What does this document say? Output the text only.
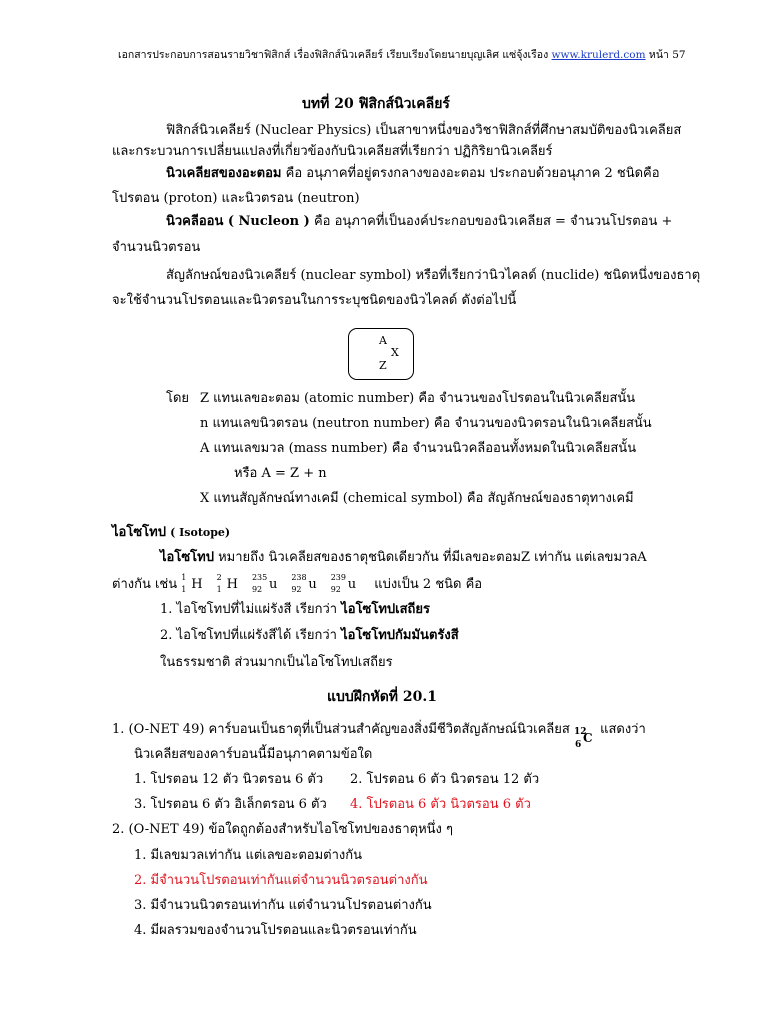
เอกสารประกอบการสอนรายวิชาฟิสิกส์ เรื่องฟิสิกส์นิวเคลียร์ เรียบเรียงโดยนายบุญเลิศ แซ่จุ้งเรือง www.krulerd.com หน้า 57
บทที่ 20 ฟิสิกส์นิวเคลียร์
ฟิสิกส์นิวเคลียร์ (Nuclear Physics) เป็นสาขาหนึ่งของวิชาฟิสิกส์ที่ศึกษาสมบัติของนิวเคลียส
และกระบวนการเปลี่ยนแปลงที่เกี่ยวข้องกับนิวเคลียสที่เรียกว่า ปฏิกิริยานิวเคลียร์
นิวเคลียสของอะตอม คือ อนุภาคที่อยู่ตรงกลางของอะตอม ประกอบด้วยอนุภาค 2 ชนิดคือ
โปรตอน (proton) และนิวตรอน (neutron)
นิวคลีออน ( Nucleon ) คือ อนุภาคที่เป็นองค์ประกอบของนิวเคลียส = จำนวนโปรตอน +
จำนวนนิวตรอน
สัญลักษณ์ของนิวเคลียร์ (nuclear symbol) หรือที่เรียกว่านิวไคลด์ (nuclide) ชนิดหนึ่งของธาตุ
จะใช้จำนวนโปรตอนและนิวตรอนในการระบุชนิดของนิวไคลด์ ดังต่อไปนี้
A
X
Z
โดย Z แทนเลขอะตอม (atomic number) คือ จำนวนของโปรตอนในนิวเคลียสนั้น
n แทนเลขนิวตรอน (neutron number) คือ จำนวนของนิวตรอนในนิวเคลียสนั้น
A แทนเลขมวล (mass number) คือ จำนวนนิวคลีออนทั้งหมดในนิวเคลียสนั้น
หรือ A = Z + n
X แทนสัญลักษณ์ทางเคมี (chemical symbol) คือ สัญลักษณ์ของธาตุทางเคมี
ไอโซโทป ( Isotope)
ไอโซโทป หมายถึง นิวเคลียสของธาตุชนิดเดียวกัน ที่มีเลขอะตอมZ เท่ากัน แต่เลขมวลA
ต่างกัน เช่น 1
1 H 2
1 H 235
92 u 238
92 u 239
92 u แบ่งเป็น 2 ชนิด คือ
1. ไอโซโทปที่ไม่แผ่รังสี เรียกว่า ไอโซโทปเสถียร
2. ไอโซโทปที่แผ่รังสีได้ เรียกว่า ไอโซโทปกัมมันตรังสี
ในธรรมชาติ ส่วนมากเป็นไอโซโทปเสถียร
แบบฝึกหัดที่ 20.1
1. (O-NET 49) คาร์บอนเป็นธาตุที่เป็นส่วนสำคัญของสิ่งมีชีวิตสัญลักษณ์นิวเคลียส 12
6 C
แสดงว่า
นิวเคลียสของคาร์บอนนี้มีอนุภาคตามข้อใด
1. โปรตอน 12 ตัว นิวตรอน 6 ตัว 2. โปรตอน 6 ตัว นิวตรอน 12 ตัว
3. โปรตอน 6 ตัว อิเล็กตรอน 6 ตัว 4. โปรตอน 6 ตัว นิวตรอน 6 ตัว
2. (O-NET 49) ข้อใดถูกต้องสำหรับไอโซโทปของธาตุหนึ่ง ๆ
1. มีเลขมวลเท่ากัน แต่เลขอะตอมต่างกัน
2. มีจำนวนโปรตอนเท่ากันแต่จำนวนนิวตรอนต่างกัน
3. มีจำนวนนิวตรอนเท่ากัน แต่จำนวนโปรตอนต่างกัน
4. มีผลรวมของจำนวนโปรตอนและนิวตรอนเท่ากัน
